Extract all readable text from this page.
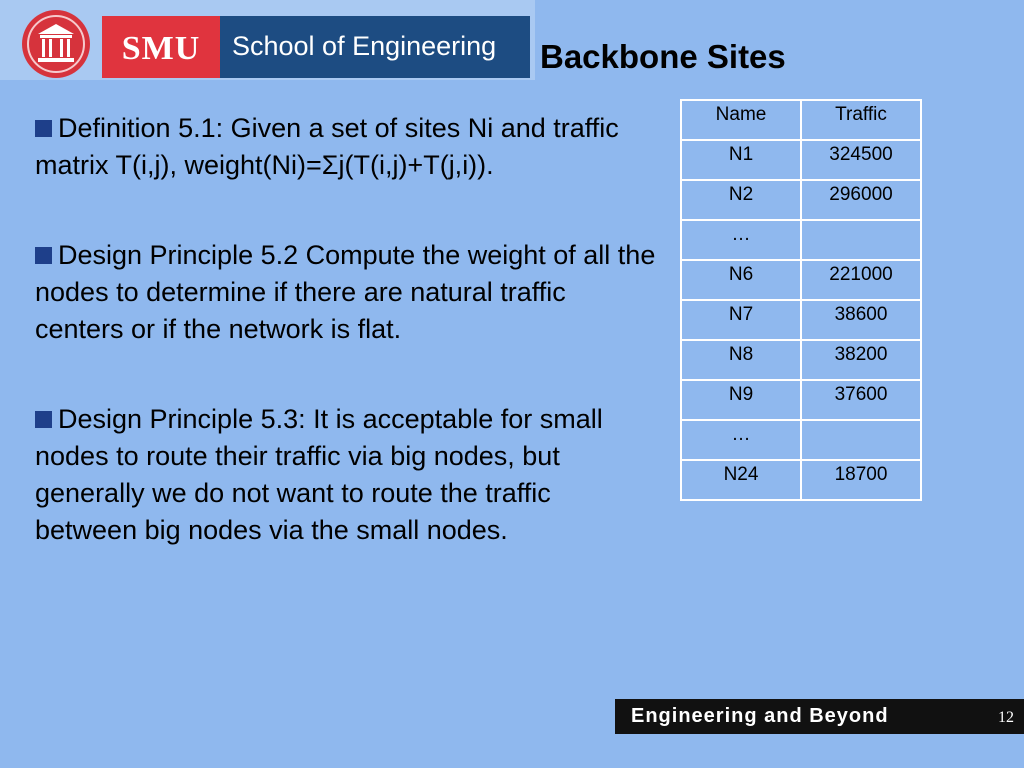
SMU	School of Engineering Backbone Sites

Definition 5.1: Given a set of sites Ni and traffic matrix T(i,j), weight(Ni)=Σj(T(i,j)+T(j,i)).

Design Principle 5.2 Compute the weight of all the nodes to determine if there are natural traffic centers or if the network is flat.

Design Principle 5.3: It is acceptable for small nodes to route their traffic via big nodes, but generally we do not want to route the traffic between big nodes via the small nodes.

Name	Traffic
N1	324500
N2	296000
…	
N6	221000
N7	38600
N8	38200
N9	37600
…	
N24	18700
Engineering and Beyond	12
